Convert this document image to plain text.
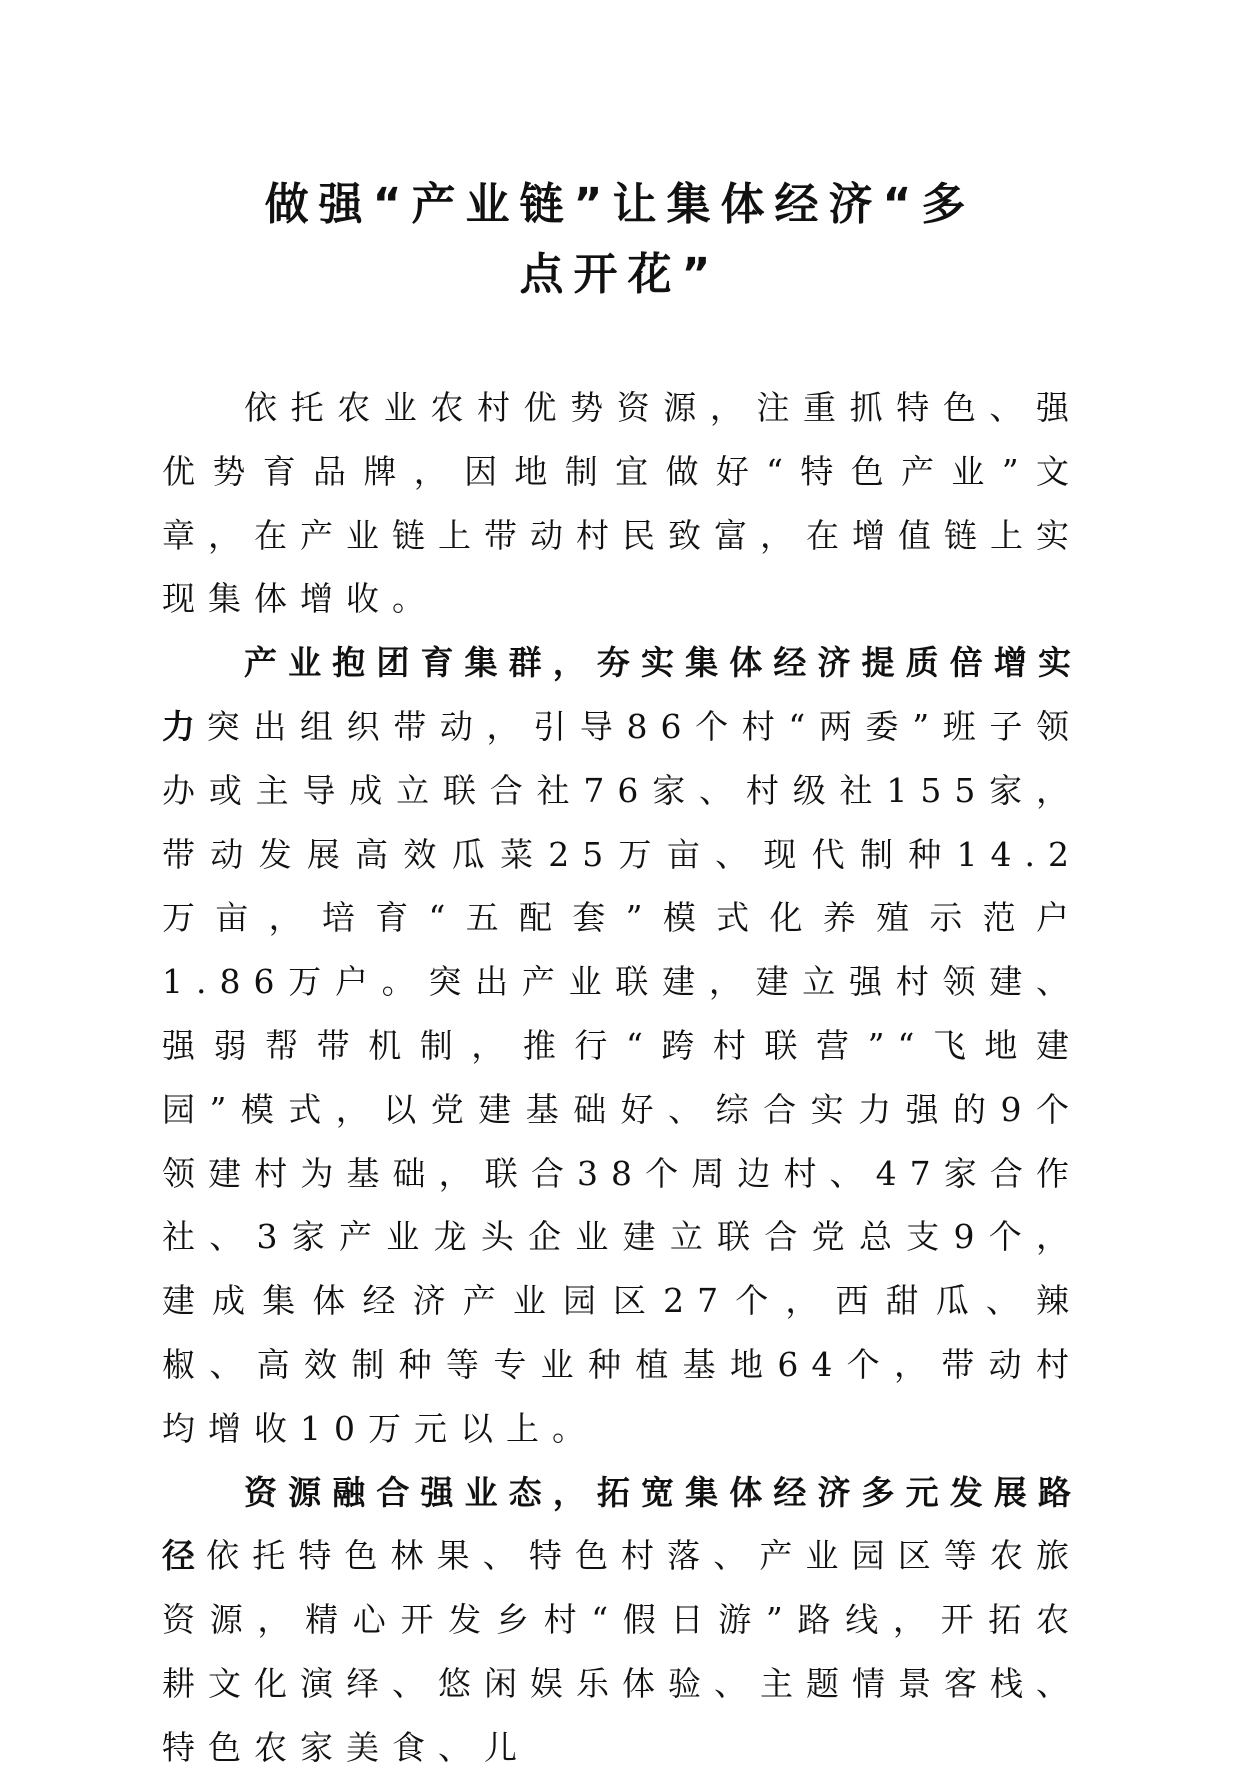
做强“产业链”让集体经济“多
点开花”

依托农业农村优势资源，注重抓特色、强优势育品牌，因地制宜做好“特色产业”文章，在产业链上带动村民致富，在增值链上实现集体增收。

产业抱团育集群，夯实集体经济提质倍增实力突出组织带动，引导86个村“两委”班子领办或主导成立联合社76家、村级社155家，带动发展高效瓜菜25万亩、现代制种14.2万亩，培育“五配套”模式化养殖示范户1.86万户。突出产业联建，建立强村领建、强弱帮带机制，推行“跨村联营”“飞地建园”模式，以党建基础好、综合实力强的9个领建村为基础，联合38个周边村、47家合作社、3家产业龙头企业建立联合党总支9个，建成集体经济产业园区27个，西甜瓜、辣椒、高效制种等专业种植基地64个，带动村均增收10万元以上。

资源融合强业态，拓宽集体经济多元发展路径依托特色林果、特色村落、产业园区等农旅资源，精心开发乡村“假日游”路线，开拓农耕文化演绎、悠闲娱乐体验、主题情景客栈、特色农家美食、儿
